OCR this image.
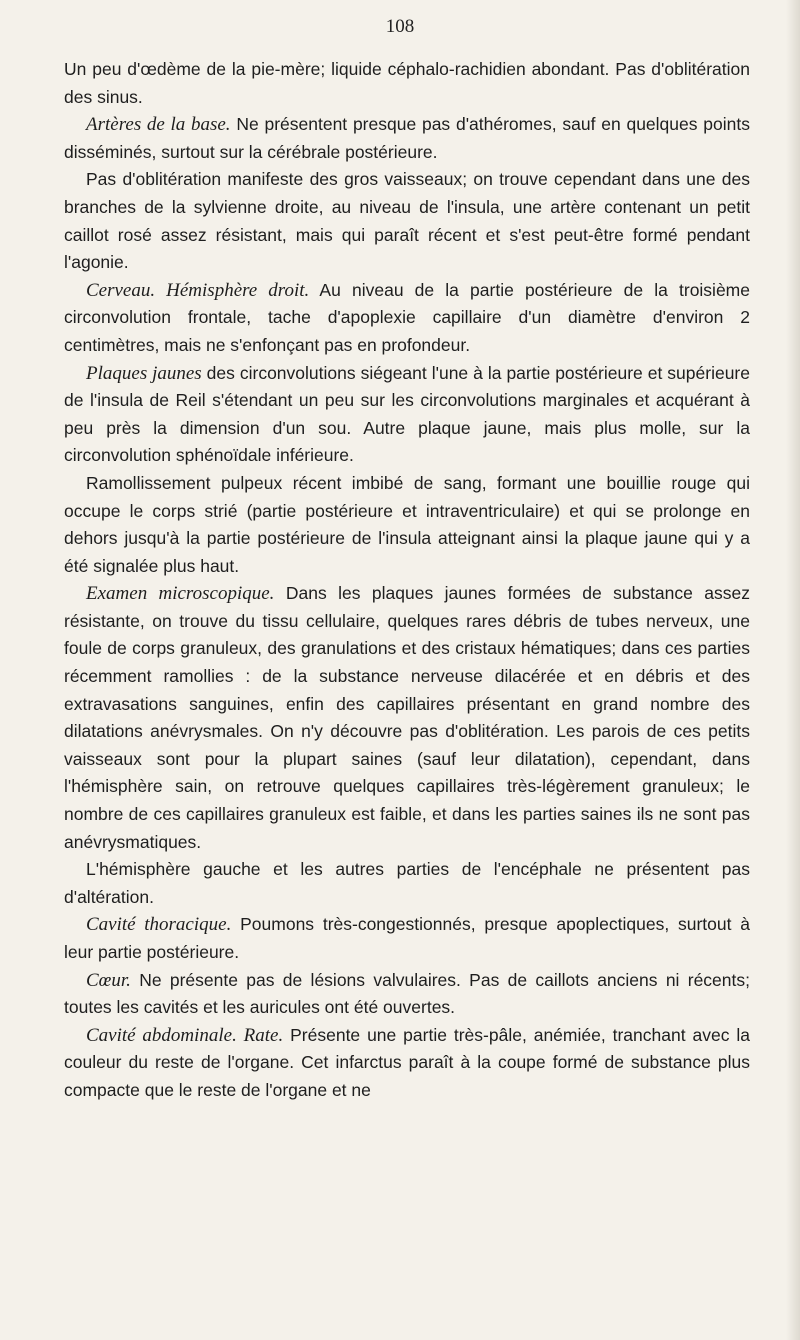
108

Un peu d'œdème de la pie-mère; liquide céphalo-rachidien abondant. Pas d'oblitération des sinus.

Artères de la base. Ne présentent presque pas d'athéromes, sauf en quelques points disséminés, surtout sur la cérébrale postérieure.

Pas d'oblitération manifeste des gros vaisseaux; on trouve cependant dans une des branches de la sylvienne droite, au niveau de l'insula, une artère contenant un petit caillot rosé assez résistant, mais qui paraît récent et s'est peut-être formé pendant l'agonie.

Cerveau. Hémisphère droit. Au niveau de la partie postérieure de la troisième circonvolution frontale, tache d'apoplexie capillaire d'un diamètre d'environ 2 centimètres, mais ne s'enfonçant pas en profondeur.

Plaques jaunes des circonvolutions siégeant l'une à la partie postérieure et supérieure de l'insula de Reil s'étendant un peu sur les circonvolutions marginales et acquérant à peu près la dimension d'un sou. Autre plaque jaune, mais plus molle, sur la circonvolution sphénoïdale inférieure.

Ramollissement pulpeux récent imbibé de sang, formant une bouillie rouge qui occupe le corps strié (partie postérieure et intraventriculaire) et qui se prolonge en dehors jusqu'à la partie postérieure de l'insula atteignant ainsi la plaque jaune qui y a été signalée plus haut.

Examen microscopique. Dans les plaques jaunes formées de substance assez résistante, on trouve du tissu cellulaire, quelques rares débris de tubes nerveux, une foule de corps granuleux, des granulations et des cristaux hématiques; dans ces parties récemment ramollies : de la substance nerveuse dilacérée et en débris et des extravasations sanguines, enfin des capillaires présentant en grand nombre des dilatations anévrysmales. On n'y découvre pas d'oblitération. Les parois de ces petits vaisseaux sont pour la plupart saines (sauf leur dilatation), cependant, dans l'hémisphère sain, on retrouve quelques capillaires très-légèrement granuleux; le nombre de ces capillaires granuleux est faible, et dans les parties saines ils ne sont pas anévrysmatiques.

L'hémisphère gauche et les autres parties de l'encéphale ne présentent pas d'altération.

Cavité thoracique. Poumons très-congestionnés, presque apoplectiques, surtout à leur partie postérieure.

Cœur. Ne présente pas de lésions valvulaires. Pas de caillots anciens ni récents; toutes les cavités et les auricules ont été ouvertes.

Cavité abdominale. Rate. Présente une partie très-pâle, anémiée, tranchant avec la couleur du reste de l'organe. Cet infarctus paraît à la coupe formé de substance plus compacte que le reste de l'organe et ne
